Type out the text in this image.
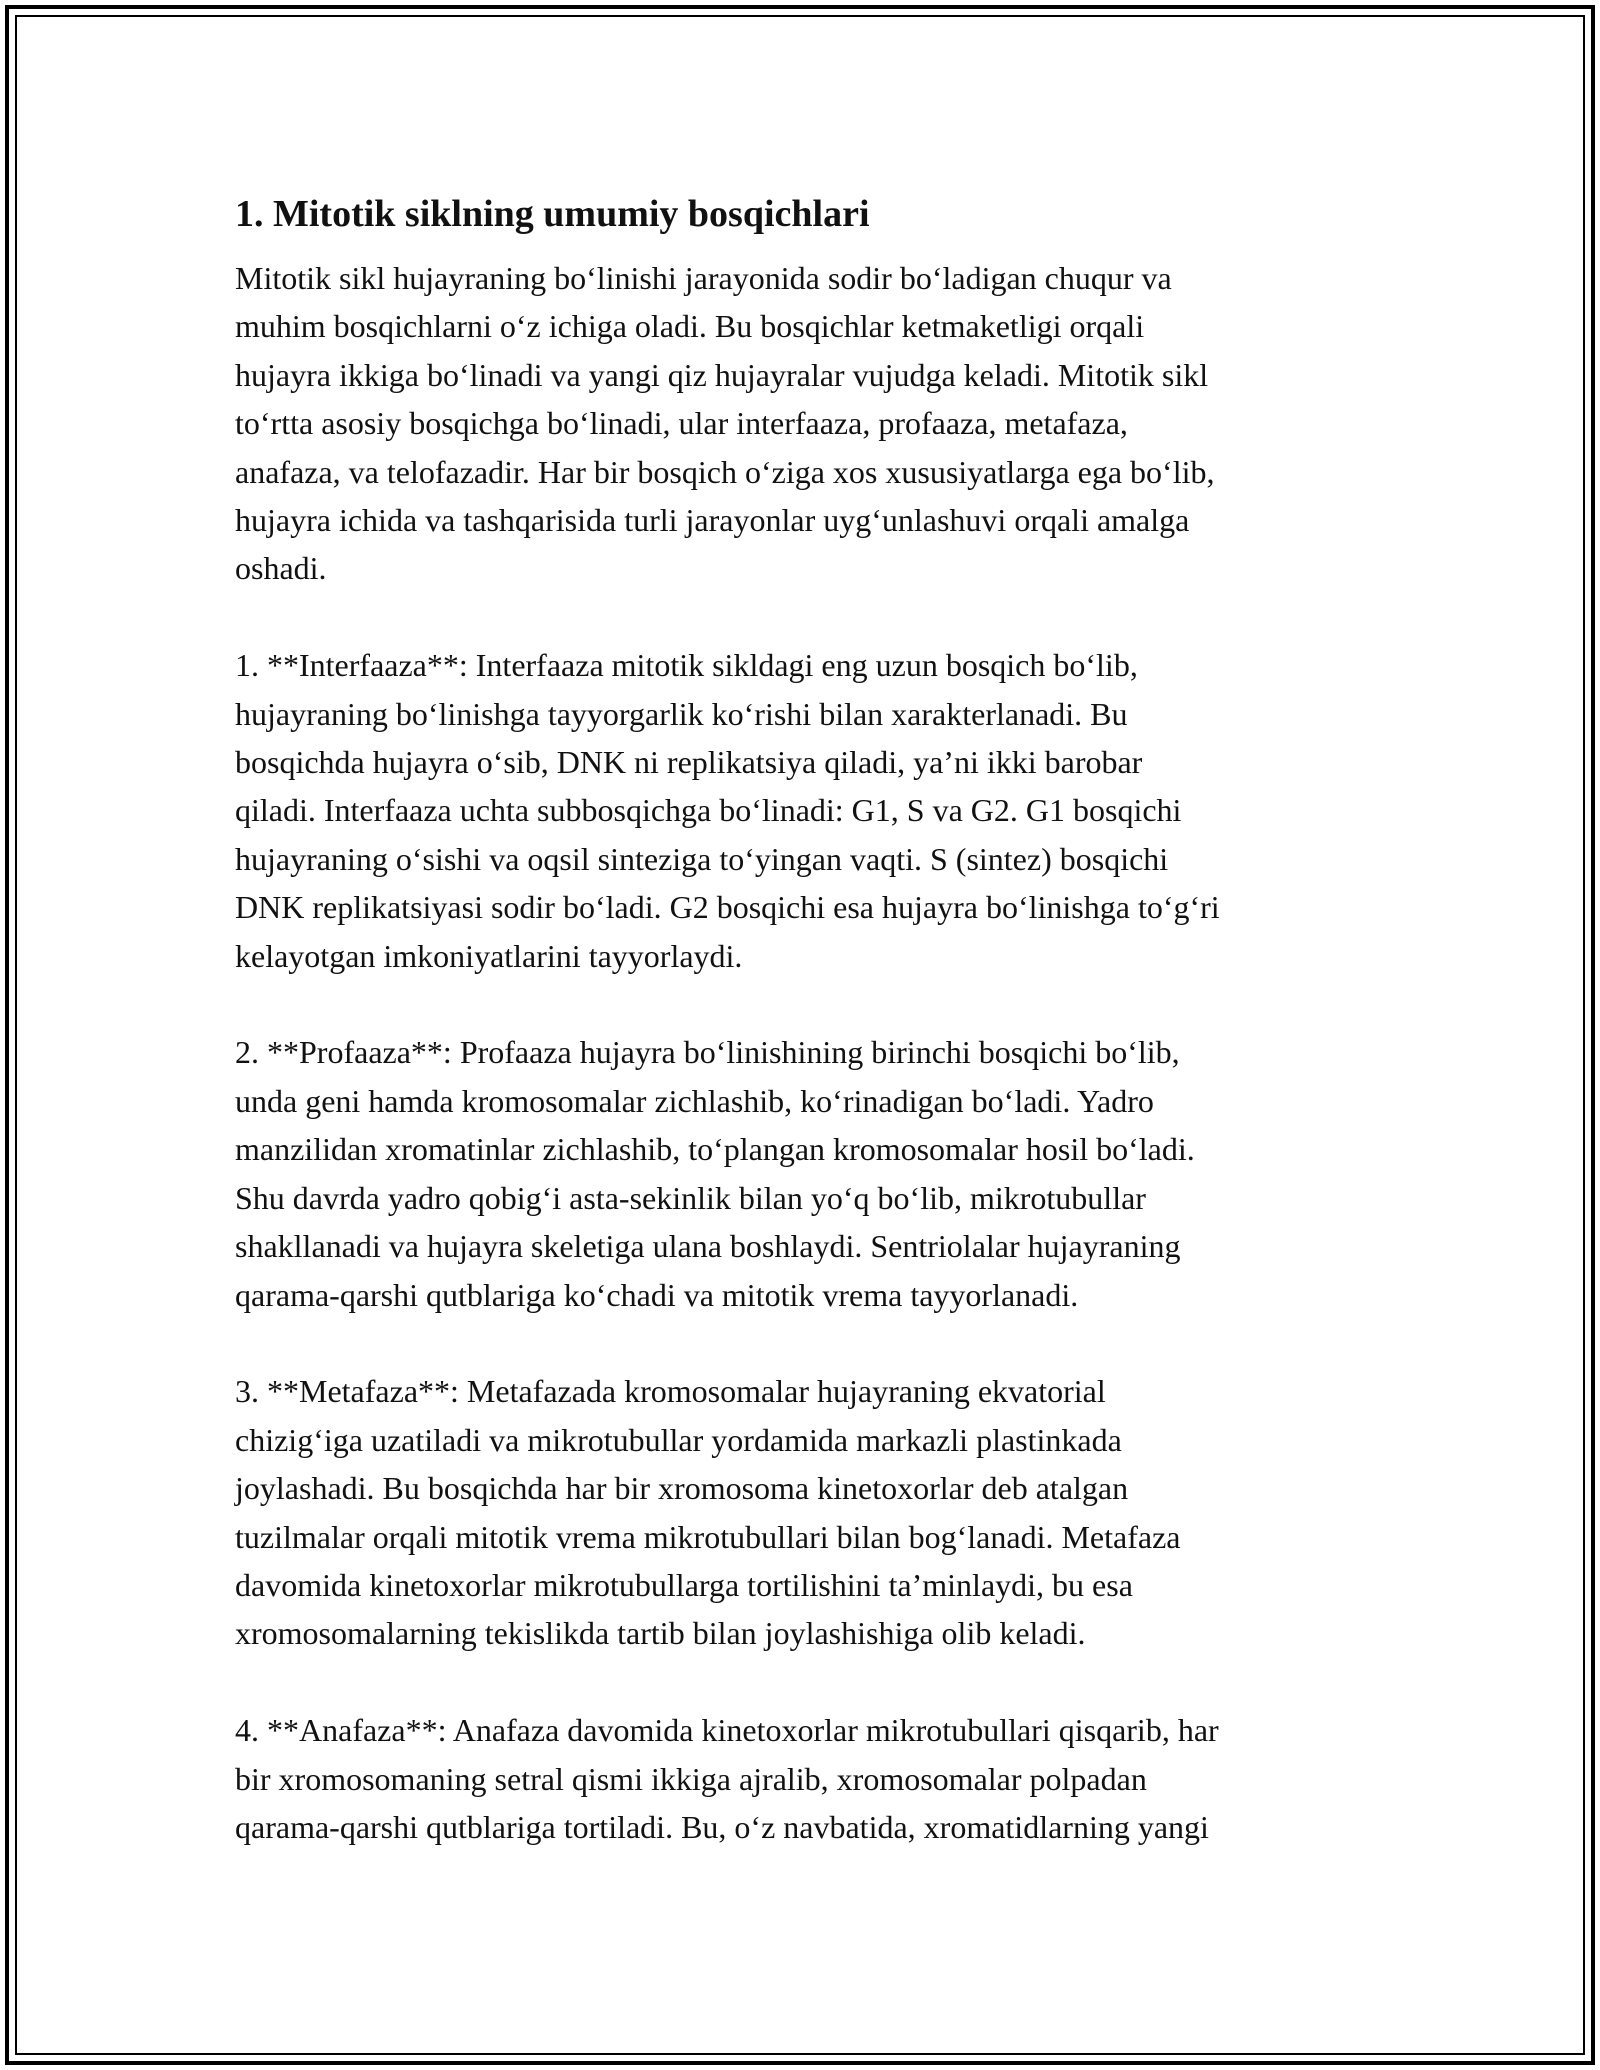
1. Mitotik siklning umumiy bosqichlari
Mitotik sikl hujayraning bo‘linishi jarayonida sodir bo‘ladigan chuqur va
muhim bosqichlarni o‘z ichiga oladi. Bu bosqichlar ketmaketligi orqali
hujayra ikkiga bo‘linadi va yangi qiz hujayralar vujudga keladi. Mitotik sikl
to‘rtta asosiy bosqichga bo‘linadi, ular interfaaza, profaaza, metafaza,
anafaza, va telofazadir. Har bir bosqich o‘ziga xos xususiyatlarga ega bo‘lib,
hujayra ichida va tashqarisida turli jarayonlar uyg‘unlashuvi orqali amalga
oshadi.
1. **Interfaaza**: Interfaaza mitotik sikldagi eng uzun bosqich bo‘lib,
hujayraning bo‘linishga tayyorgarlik ko‘rishi bilan xarakterlanadi. Bu
bosqichda hujayra o‘sib, DNK ni replikatsiya qiladi, ya’ni ikki barobar
qiladi. Interfaaza uchta subbosqichga bo‘linadi: G1, S va G2. G1 bosqichi
hujayraning o‘sishi va oqsil sinteziga to‘yingan vaqti. S (sintez) bosqichi
DNK replikatsiyasi sodir bo‘ladi. G2 bosqichi esa hujayra bo‘linishga to‘g‘ri
kelayotgan imkoniyatlarini tayyorlaydi.
2. **Profaaza**: Profaaza hujayra bo‘linishining birinchi bosqichi bo‘lib,
unda geni hamda kromosomalar zichlashib, ko‘rinadigan bo‘ladi. Yadro
manzilidan xromatinlar zichlashib, to‘plangan kromosomalar hosil bo‘ladi.
Shu davrda yadro qobig‘i asta-sekinlik bilan yo‘q bo‘lib, mikrotubullar
shakllanadi va hujayra skeletiga ulana boshlaydi. Sentriolalar hujayraning
qarama-qarshi qutblariga ko‘chadi va mitotik vrema tayyorlanadi.
3. **Metafaza**: Metafazada kromosomalar hujayraning ekvatorial
chizig‘iga uzatiladi va mikrotubullar yordamida markazli plastinkada
joylashadi. Bu bosqichda har bir xromosoma kinetoxorlar deb atalgan
tuzilmalar orqali mitotik vrema mikrotubullari bilan bog‘lanadi. Metafaza
davomida kinetoxorlar mikrotubullarga tortilishini ta’minlaydi, bu esa
xromosomalarning tekislikda tartib bilan joylashishiga olib keladi.
4. **Anafaza**: Anafaza davomida kinetoxorlar mikrotubullari qisqarib, har
bir xromosomaning setral qismi ikkiga ajralib, xromosomalar polpadan
qarama-qarshi qutblariga tortiladi. Bu, o‘z navbatida, xromatidlarning yangi
